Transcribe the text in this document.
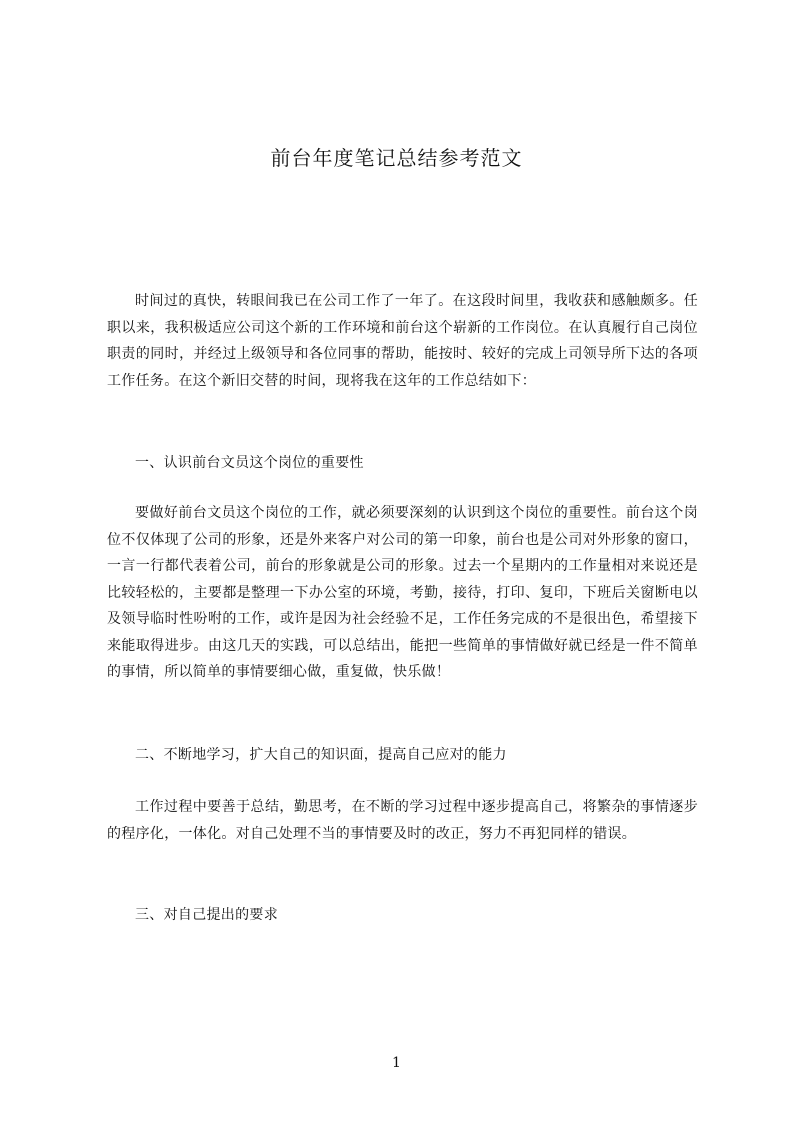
前台年度笔记总结参考范文

时间过的真快，转眼间我已在公司工作了一年了。在这段时间里，我收获和感触颇多。任职以来，我积极适应公司这个新的工作环境和前台这个崭新的工作岗位。在认真履行自己岗位职责的同时，并经过上级领导和各位同事的帮助，能按时、较好的完成上司领导所下达的各项工作任务。在这个新旧交替的时间，现将我在这年的工作总结如下：

一、认识前台文员这个岗位的重要性

要做好前台文员这个岗位的工作，就必须要深刻的认识到这个岗位的重要性。前台这个岗位不仅体现了公司的形象，还是外来客户对公司的第一印象，前台也是公司对外形象的窗口，一言一行都代表着公司，前台的形象就是公司的形象。过去一个星期内的工作量相对来说还是比较轻松的，主要都是整理一下办公室的环境，考勤，接待，打印、复印，下班后关窗断电以及领导临时性吩咐的工作，或许是因为社会经验不足，工作任务完成的不是很出色，希望接下来能取得进步。由这几天的实践，可以总结出，能把一些简单的事情做好就已经是一件不简单的事情，所以简单的事情要细心做，重复做，快乐做！

二、不断地学习，扩大自己的知识面，提高自己应对的能力

工作过程中要善于总结，勤思考，在不断的学习过程中逐步提高自己，将繁杂的事情逐步的程序化，一体化。对自己处理不当的事情要及时的改正，努力不再犯同样的错误。

三、对自己提出的要求

1
